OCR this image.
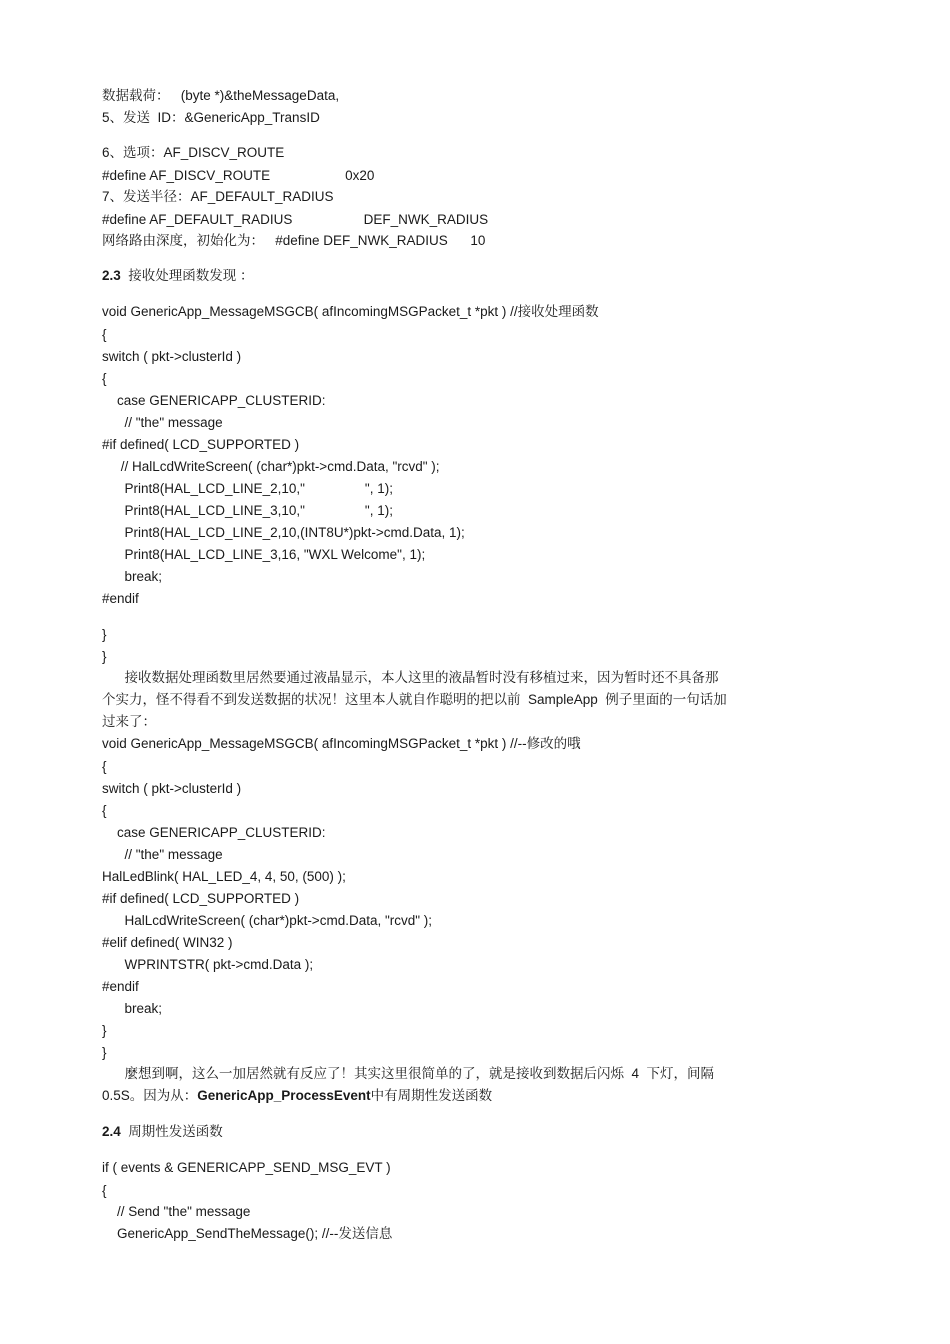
数据载荷：   (byte *)&theMessageData,
5、发送  ID：&GenericApp_TransID
6、选项：AF_DISCV_ROUTE
#define AF_DISCV_ROUTE                    0x20
7、发送半径：AF_DEFAULT_RADIUS
#define AF_DEFAULT_RADIUS                   DEF_NWK_RADIUS
网络路由深度，初始化为：   #define DEF_NWK_RADIUS      10
2.3  接收处理函数发现 ：
void GenericApp_MessageMSGCB( afIncomingMSGPacket_t *pkt ) //接收处理函数
{
switch ( pkt->clusterId )
{
case GENERICAPP_CLUSTERID:
// "the" message
#if defined( LCD_SUPPORTED )
// HalLcdWriteScreen( (char*)pkt->cmd.Data, "rcvd" );
Print8(HAL_LCD_LINE_2,10,"                ", 1);
Print8(HAL_LCD_LINE_3,10,"                ", 1);
Print8(HAL_LCD_LINE_2,10,(INT8U*)pkt->cmd.Data, 1);
Print8(HAL_LCD_LINE_3,16, "WXL Welcome", 1);
break;
#endif
}
}
接收数据处理函数里居然要通过液晶显示，本人这里的液晶暂时没有移植过来，因为暂时还不具备那
个实力，怪不得看不到发送数据的状况！这里本人就自作聪明的把以前  SampleApp  例子里面的一句话加
过来了：
void GenericApp_MessageMSGCB( afIncomingMSGPacket_t *pkt ) //--修改的哦
{
switch ( pkt->clusterId )
{
case GENERICAPP_CLUSTERID:
// "the" message
HalLedBlink( HAL_LED_4, 4, 50, (500) );
#if defined( LCD_SUPPORTED )
HalLcdWriteScreen( (char*)pkt->cmd.Data, "rcvd" );
#elif defined( WIN32 )
WPRINTSTR( pkt->cmd.Data );
#endif
break;
}
}
麼想到啊，这么一加居然就有反应了！其实这里很简单的了，就是接收到数据后闪烁  4  下灯，间隔
0.5S。因为从：GenericApp_ProcessEvent中有周期性发送函数
2.4  周期性发送函数
if ( events & GENERICAPP_SEND_MSG_EVT )
{
// Send "the" message
GenericApp_SendTheMessage(); //--发送信息
